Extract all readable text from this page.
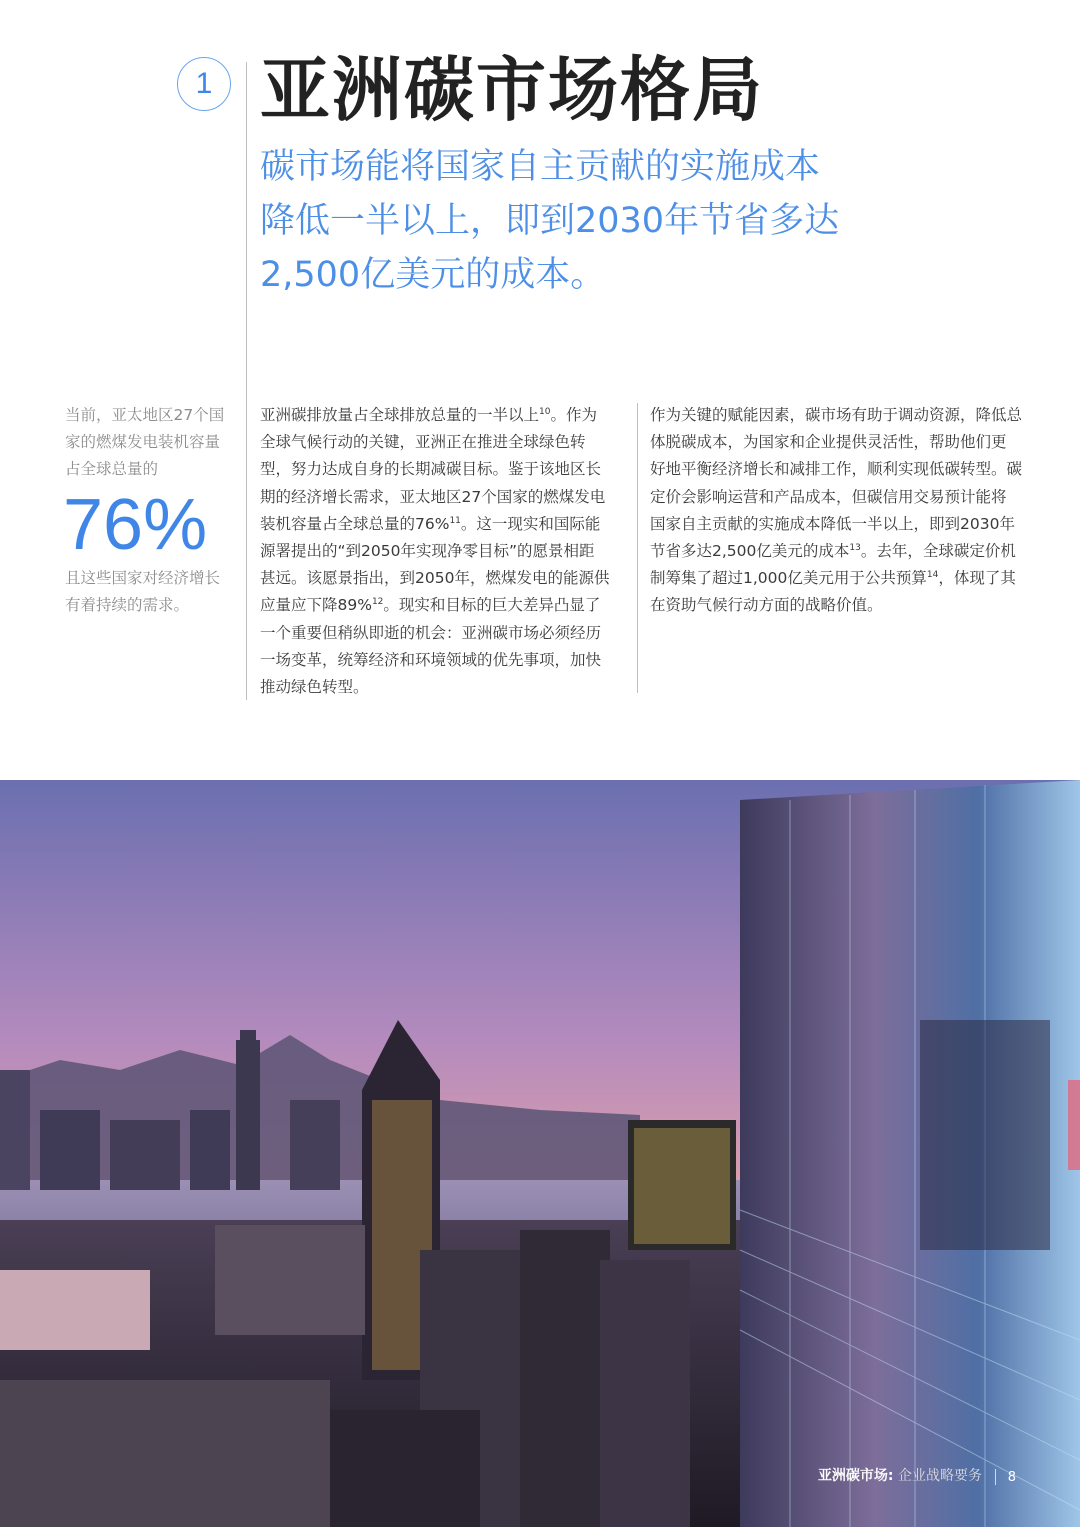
1 亚洲碳市场格局
碳市场能将国家自主贡献的实施成本
降低一半以上，即到2030年节省多达
2,500亿美元的成本。
当前，亚太地区27个国
家的燃煤发电装机容量
占全球总量的
76%
且这些国家对经济增长
有着持续的需求。
亚洲碳排放量占全球排放总量的一半以上$^{10}$。作为
全球气候行动的关键，亚洲正在推进全球绿色转
型，努力达成自身的长期减碳目标。鉴于该地区长
期的经济增长需求，亚太地区27个国家的燃煤发电
装机容量占全球总量的76%$^{11}$。这一现实和国际能
源署提出的“到2050年实现净零目标”的愿景相距
甚远。该愿景指出，到2050年，燃煤发电的能源供
应量应下降89%$^{12}$。现实和目标的巨大差异凸显了
一个重要但稍纵即逝的机会：亚洲碳市场必须经历
一场变革，统筹经济和环境领域的优先事项，加快
推动绿色转型。
作为关键的赋能因素，碳市场有助于调动资源，降低总
体脱碳成本，为国家和企业提供灵活性，帮助他们更
好地平衡经济增长和减排工作，顺利实现低碳转型。碳
定价会影响运营和产品成本，但碳信用交易预计能将
国家自主贡献的实施成本降低一半以上，即到2030年
节省多达2,500亿美元的成本$^{13}$。去年，全球碳定价机
制筹集了超过1,000亿美元用于公共预算$^{14}$，体现了其
在资助气候行动方面的战略价值。
亚洲碳市场: 企业战略要务 8
